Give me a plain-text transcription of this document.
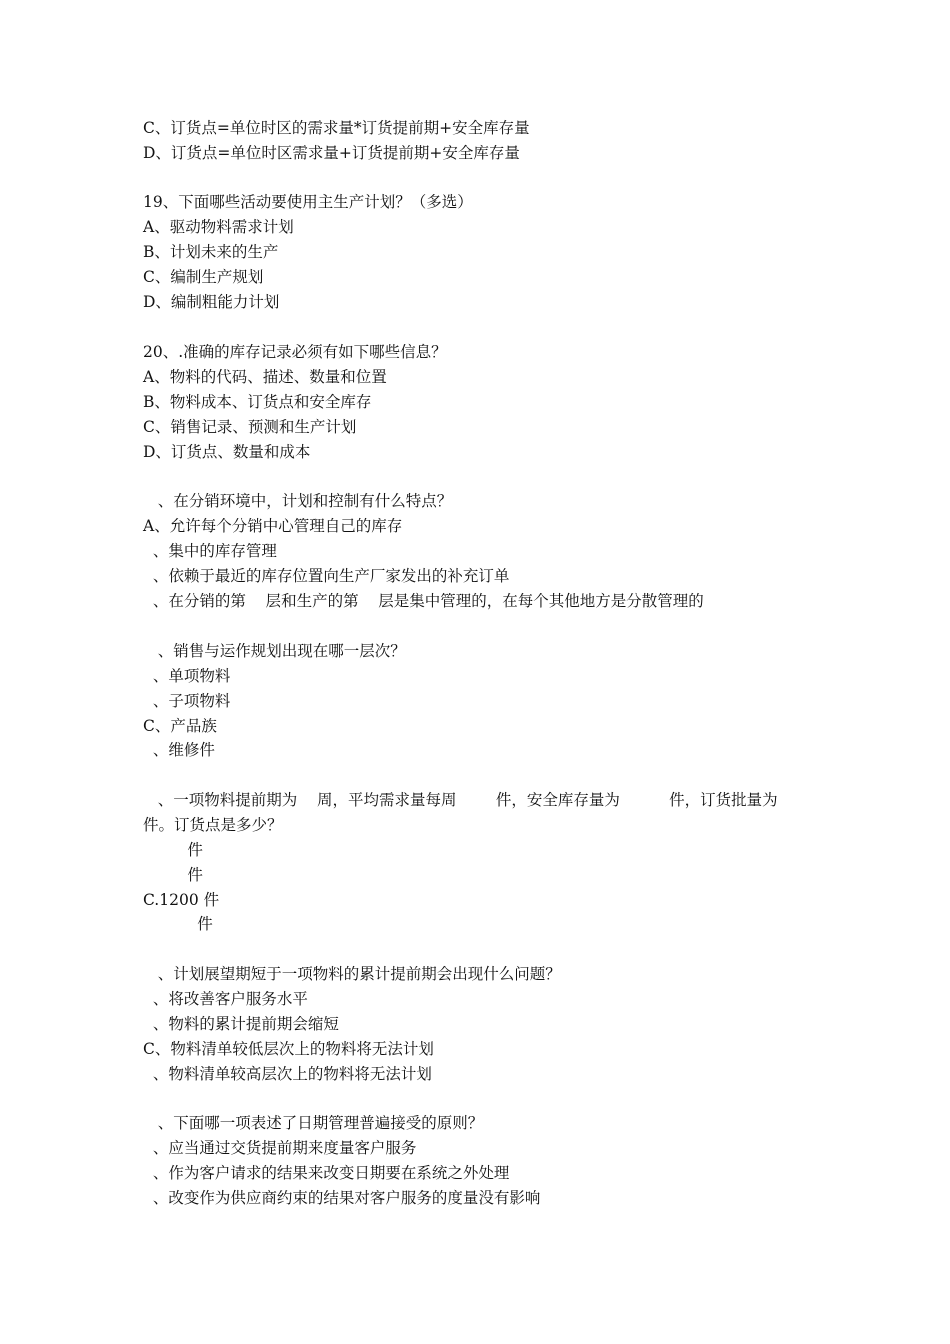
C、订货点=单位时区的需求量*订货提前期+安全库存量
D、订货点=单位时区需求量+订货提前期+安全库存量
19、下面哪些活动要使用主生产计划？（多选）
A、驱动物料需求计划
B、计划未来的生产
C、编制生产规划
D、编制粗能力计划
20、.准确的库存记录必须有如下哪些信息？
A、物料的代码、描述、数量和位置
B、物料成本、订货点和安全库存
C、销售记录、预测和生产计划
D、订货点、数量和成本
、在分销环境中，计划和控制有什么特点？
A、允许每个分销中心管理自己的库存
、集中的库存管理
、依赖于最近的库存位置向生产厂家发出的补充订单
、在分销的第    层和生产的第    层是集中管理的，在每个其他地方是分散管理的
、销售与运作规划出现在哪一层次？
、单项物料
、子项物料
C、产品族
、维修件
、一项物料提前期为    周，平均需求量每周        件，安全库存量为          件，订货批量为
件。订货点是多少？
件
件
C.1200 件
件
、计划展望期短于一项物料的累计提前期会出现什么问题？
、将改善客户服务水平
、物料的累计提前期会缩短
C、物料清单较低层次上的物料将无法计划
、物料清单较高层次上的物料将无法计划
、下面哪一项表述了日期管理普遍接受的原则？
、应当通过交货提前期来度量客户服务
、作为客户请求的结果来改变日期要在系统之外处理
、改变作为供应商约束的结果对客户服务的度量没有影响
